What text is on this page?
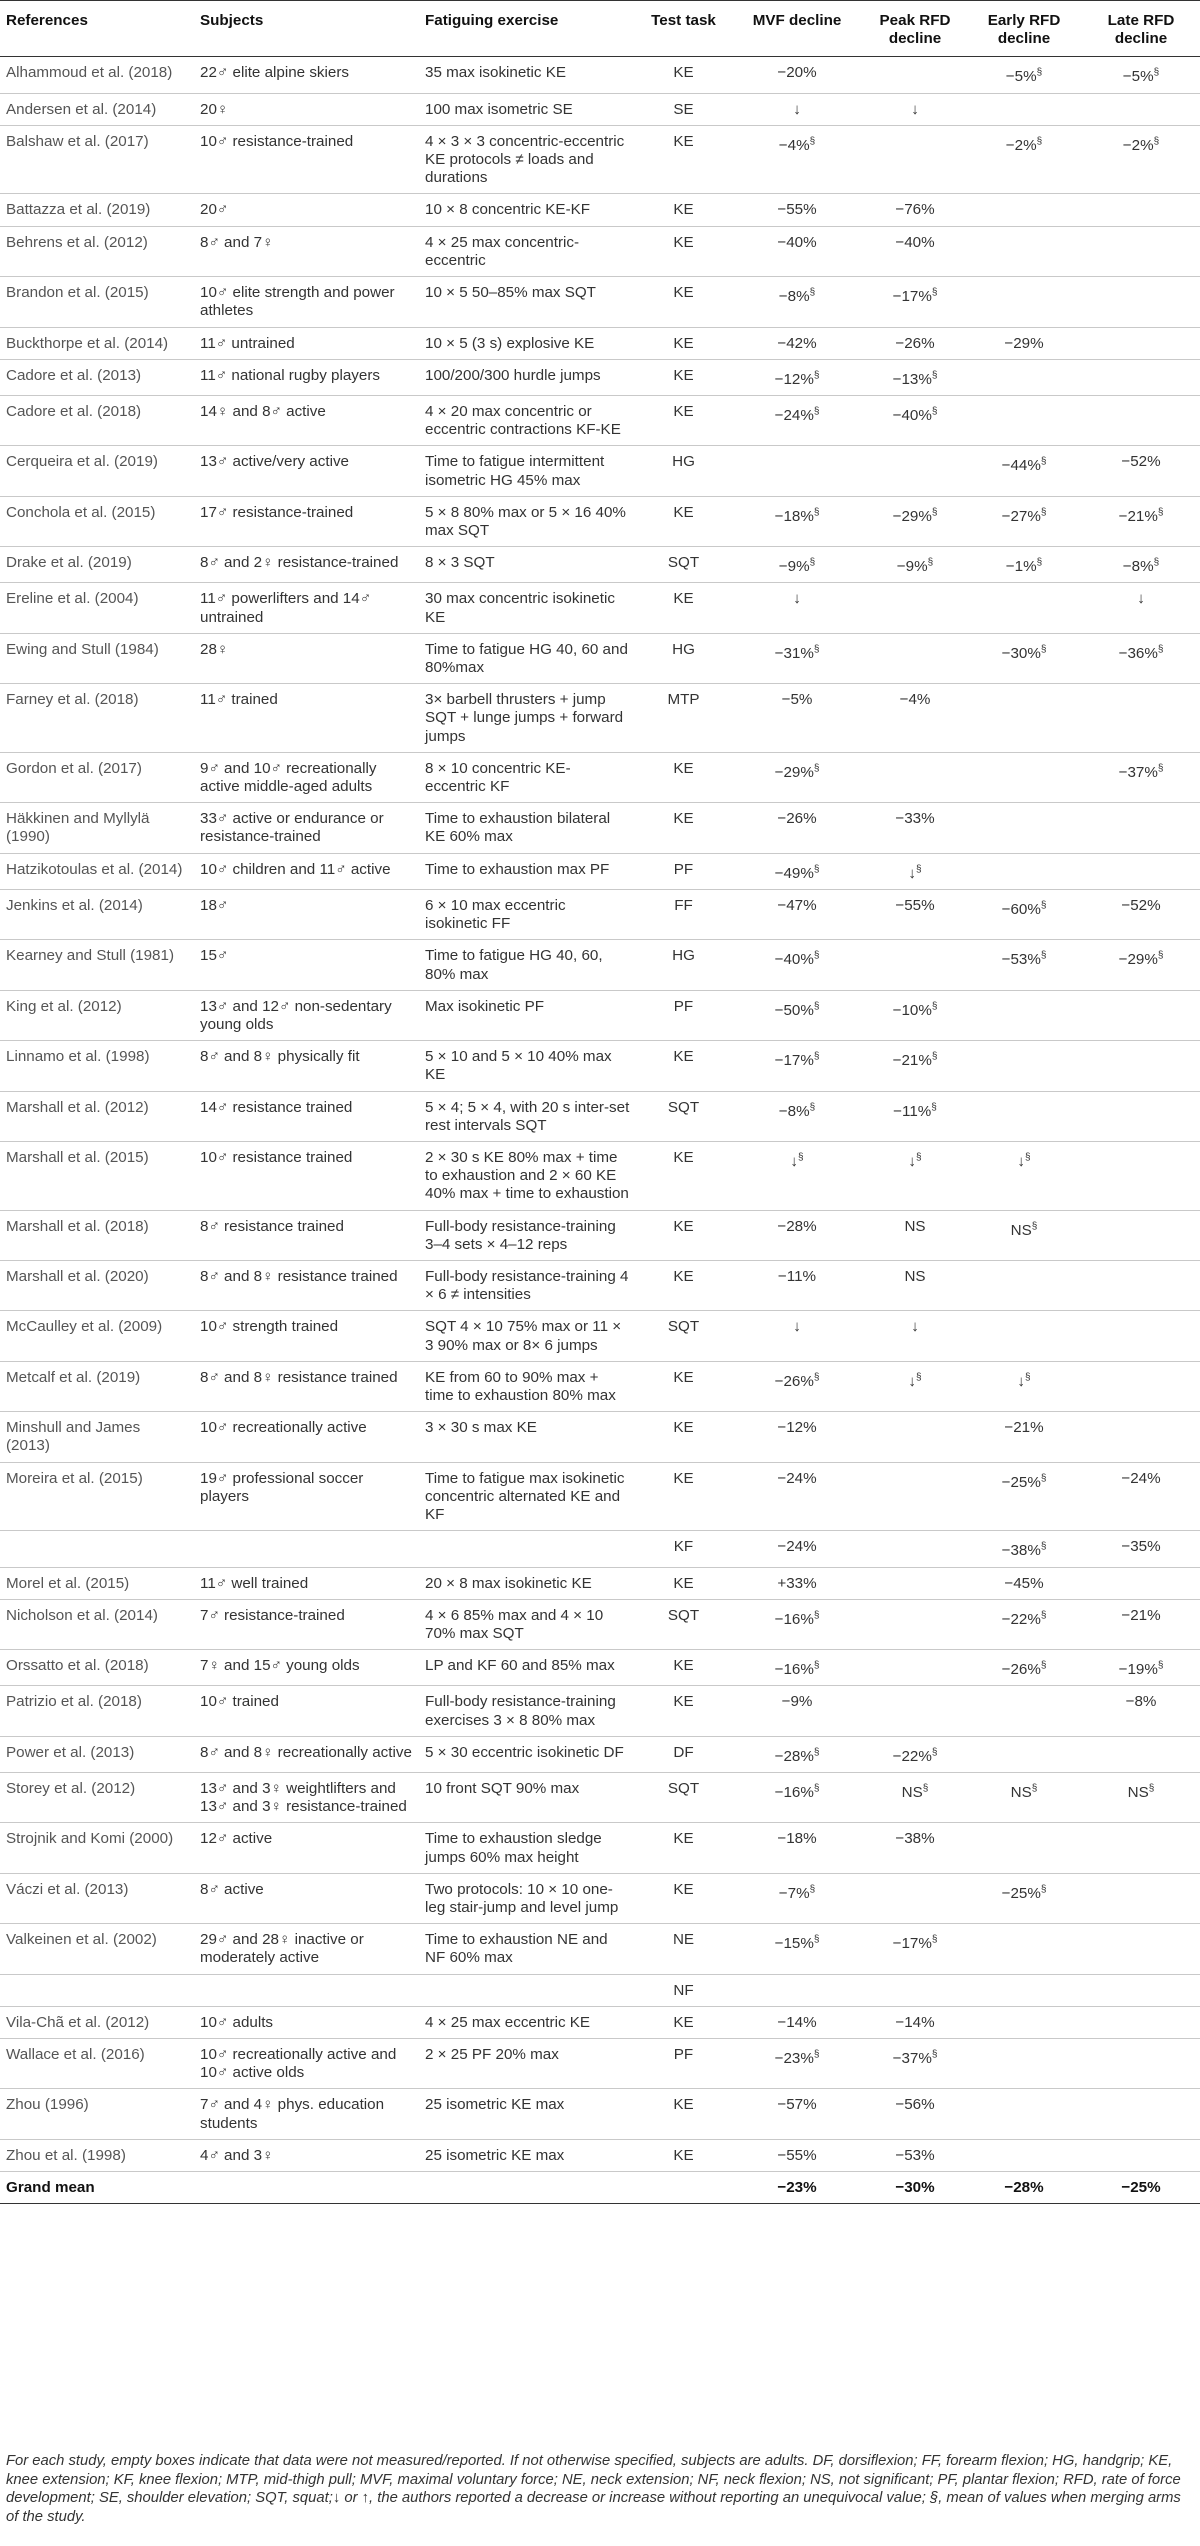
References	Subjects	Fatiguing exercise	Test task	MVF decline	Peak RFD decline	Early RFD decline	Late RFD decline
Alhammoud et al. (2018)	22♂ elite alpine skiers	35 max isokinetic KE	KE	−20%		−5%§	−5%§
Andersen et al. (2014)	20♀	100 max isometric SE	SE	↓	↓		
Balshaw et al. (2017)	10♂ resistance-trained	4 × 3 × 3 concentric-eccentric KE protocols ≠ loads and durations	KE	−4%§		−2%§	−2%§
Battazza et al. (2019)	20♂	10 × 8 concentric KE-KF	KE	−55%	−76%		
Behrens et al. (2012)	8♂ and 7♀	4 × 25 max concentric-eccentric	KE	−40%	−40%		
Brandon et al. (2015)	10♂ elite strength and power athletes	10 × 5 50–85% max SQT	KE	−8%§	−17%§		
Buckthorpe et al. (2014)	11♂ untrained	10 × 5 (3 s) explosive KE	KE	−42%	−26%	−29%	
Cadore et al. (2013)	11♂ national rugby players	100/200/300 hurdle jumps	KE	−12%§	−13%§		
Cadore et al. (2018)	14♀ and 8♂ active	4 × 20 max concentric or eccentric contractions KF-KE	KE	−24%§	−40%§		
Cerqueira et al. (2019)	13♂ active/very active	Time to fatigue intermittent isometric HG 45% max	HG			−44%§	−52%
Conchola et al. (2015)	17♂ resistance-trained	5 × 8 80% max or 5 × 16 40% max SQT	KE	−18%§	−29%§	−27%§	−21%§
Drake et al. (2019)	8♂ and 2♀ resistance-trained	8 × 3 SQT	SQT	−9%§	−9%§	−1%§	−8%§
Ereline et al. (2004)	11♂ powerlifters and 14♂ untrained	30 max concentric isokinetic KE	KE	↓			↓
Ewing and Stull (1984)	28♀	Time to fatigue HG 40, 60 and 80%max	HG	−31%§		−30%§	−36%§
Farney et al. (2018)	11♂ trained	3× barbell thrusters + jump SQT + lunge jumps + forward jumps	MTP	−5%	−4%		
Gordon et al. (2017)	9♂ and 10♂ recreationally active middle-aged adults	8 × 10 concentric KE-eccentric KF	KE	−29%§			−37%§
Häkkinen and Myllylä (1990)	33♂ active or endurance or resistance-trained	Time to exhaustion bilateral KE 60% max	KE	−26%	−33%		
Hatzikotoulas et al. (2014)	10♂ children and 11♂ active	Time to exhaustion max PF	PF	−49%§	↓§		
Jenkins et al. (2014)	18♂	6 × 10 max eccentric isokinetic FF	FF	−47%	−55%	−60%§	−52%
Kearney and Stull (1981)	15♂	Time to fatigue HG 40, 60, 80% max	HG	−40%§		−53%§	−29%§
King et al. (2012)	13♂ and 12♂ non-sedentary young olds	Max isokinetic PF	PF	−50%§	−10%§		
Linnamo et al. (1998)	8♂ and 8♀ physically fit	5 × 10 and 5 × 10 40% max KE	KE	−17%§	−21%§		
Marshall et al. (2012)	14♂ resistance trained	5 × 4; 5 × 4, with 20 s inter-set rest intervals SQT	SQT	−8%§	−11%§		
Marshall et al. (2015)	10♂ resistance trained	2 × 30 s KE 80% max + time to exhaustion and 2 × 60 KE 40% max + time to exhaustion	KE	↓§	↓§	↓§	
Marshall et al. (2018)	8♂ resistance trained	Full-body resistance-training 3–4 sets × 4–12 reps	KE	−28%	NS	NS§	
Marshall et al. (2020)	8♂ and 8♀ resistance trained	Full-body resistance-training 4 × 6 ≠ intensities	KE	−11%	NS		
McCaulley et al. (2009)	10♂ strength trained	SQT 4 × 10 75% max or 11 × 3 90% max or 8× 6 jumps	SQT	↓	↓		
Metcalf et al. (2019)	8♂ and 8♀ resistance trained	KE from 60 to 90% max + time to exhaustion 80% max	KE	−26%§	↓§	↓§	
Minshull and James (2013)	10♂ recreationally active	3 × 30 s max KE	KE	−12%		−21%	
Moreira et al. (2015)	19♂ professional soccer players	Time to fatigue max isokinetic concentric alternated KE and KF	KE	−24%		−25%§	−24%
			KF	−24%		−38%§	−35%
Morel et al. (2015)	11♂ well trained	20 × 8 max isokinetic KE	KE	+33%		−45%	
Nicholson et al. (2014)	7♂ resistance-trained	4 × 6 85% max and 4 × 10 70% max SQT	SQT	−16%§		−22%§	−21%
Orssatto et al. (2018)	7♀ and 15♂ young olds	LP and KF 60 and 85% max	KE	−16%§		−26%§	−19%§
Patrizio et al. (2018)	10♂ trained	Full-body resistance-training exercises 3 × 8 80% max	KE	−9%			−8%
Power et al. (2013)	8♂ and 8♀ recreationally active	5 × 30 eccentric isokinetic DF	DF	−28%§	−22%§		
Storey et al. (2012)	13♂ and 3♀ weightlifters and 13♂ and 3♀ resistance-trained	10 front SQT 90% max	SQT	−16%§	NS§	NS§	NS§
Strojnik and Komi (2000)	12♂ active	Time to exhaustion sledge jumps 60% max height	KE	−18%	−38%		
Váczi et al. (2013)	8♂ active	Two protocols: 10 × 10 one-leg stair-jump and level jump	KE	−7%§		−25%§	
Valkeinen et al. (2002)	29♂ and 28♀ inactive or moderately active	Time to exhaustion NE and NF 60% max	NE	−15%§	−17%§		
			NF				
Vila-Chã et al. (2012)	10♂ adults	4 × 25 max eccentric KE	KE	−14%	−14%		
Wallace et al. (2016)	10♂ recreationally active and 10♂ active olds	2 × 25 PF 20% max	PF	−23%§	−37%§		
Zhou (1996)	7♂ and 4♀ phys. education students	25 isometric KE max	KE	−57%	−56%		
Zhou et al. (1998)	4♂ and 3♀	25 isometric KE max	KE	−55%	−53%		
Grand mean				−23%	−30%	−28%	−25%
For each study, empty boxes indicate that data were not measured/reported. If not otherwise specified, subjects are adults. DF, dorsiflexion; FF, forearm flexion; HG, handgrip; KE, knee extension; KF, knee flexion; MTP, mid-thigh pull; MVF, maximal voluntary force; NE, neck extension; NF, neck flexion; NS, not significant; PF, plantar flexion; RFD, rate of force development; SE, shoulder elevation; SQT, squat;↓ or ↑, the authors reported a decrease or increase without reporting an unequivocal value; §, mean of values when merging arms of the study.
